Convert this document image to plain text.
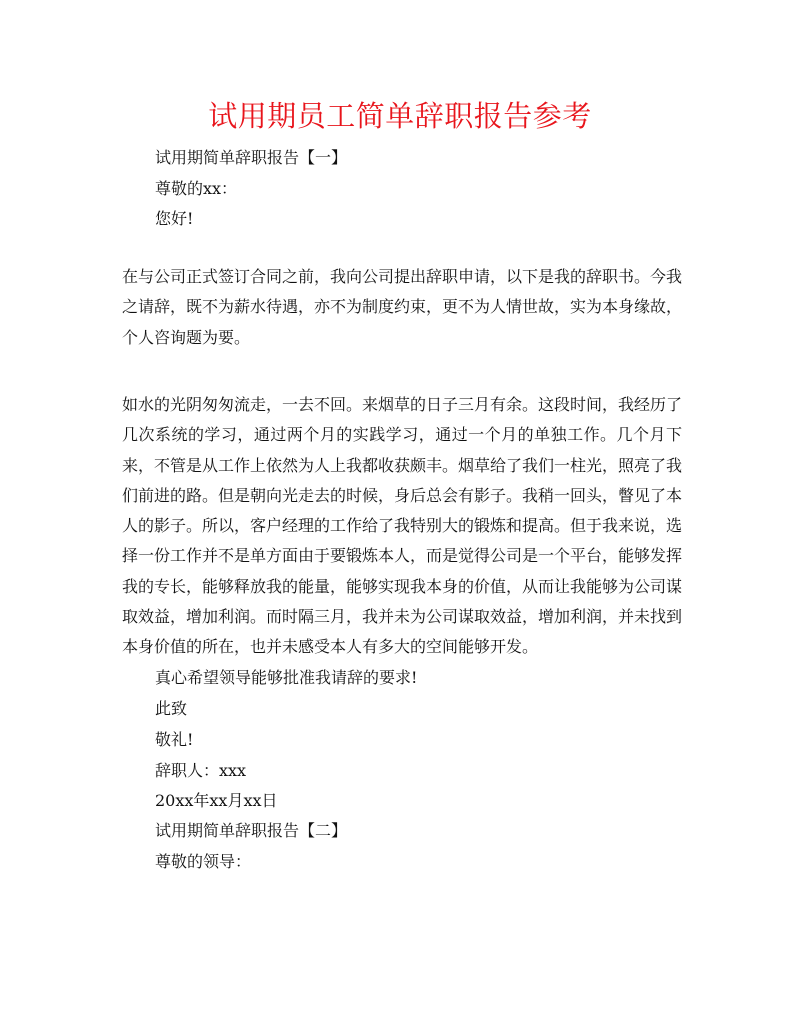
试用期员工简单辞职报告参考
试用期简单辞职报告【一】
尊敬的xx：
您好!
在与公司正式签订合同之前，我向公司提出辞职申请，以下是我的辞职书。今我之请辞，既不为薪水待遇，亦不为制度约束，更不为人情世故，实为本身缘故，个人咨询题为要。
如水的光阴匆匆流走，一去不回。来烟草的日子三月有余。这段时间，我经历了几次系统的学习，通过两个月的实践学习，通过一个月的单独工作。几个月下来，不管是从工作上依然为人上我都收获颇丰。烟草给了我们一柱光，照亮了我们前进的路。但是朝向光走去的时候，身后总会有影子。我稍一回头，瞥见了本人的影子。所以，客户经理的工作给了我特别大的锻炼和提高。但于我来说，选择一份工作并不是单方面由于要锻炼本人，而是觉得公司是一个平台，能够发挥我的专长，能够释放我的能量，能够实现我本身的价值，从而让我能够为公司谋取效益，增加利润。而时隔三月，我并未为公司谋取效益，增加利润，并未找到本身价值的所在，也并未感受本人有多大的空间能够开发。
真心希望领导能够批准我请辞的要求!
此致
敬礼!
辞职人：xxx
20xx年xx月xx日
试用期简单辞职报告【二】
尊敬的领导：
